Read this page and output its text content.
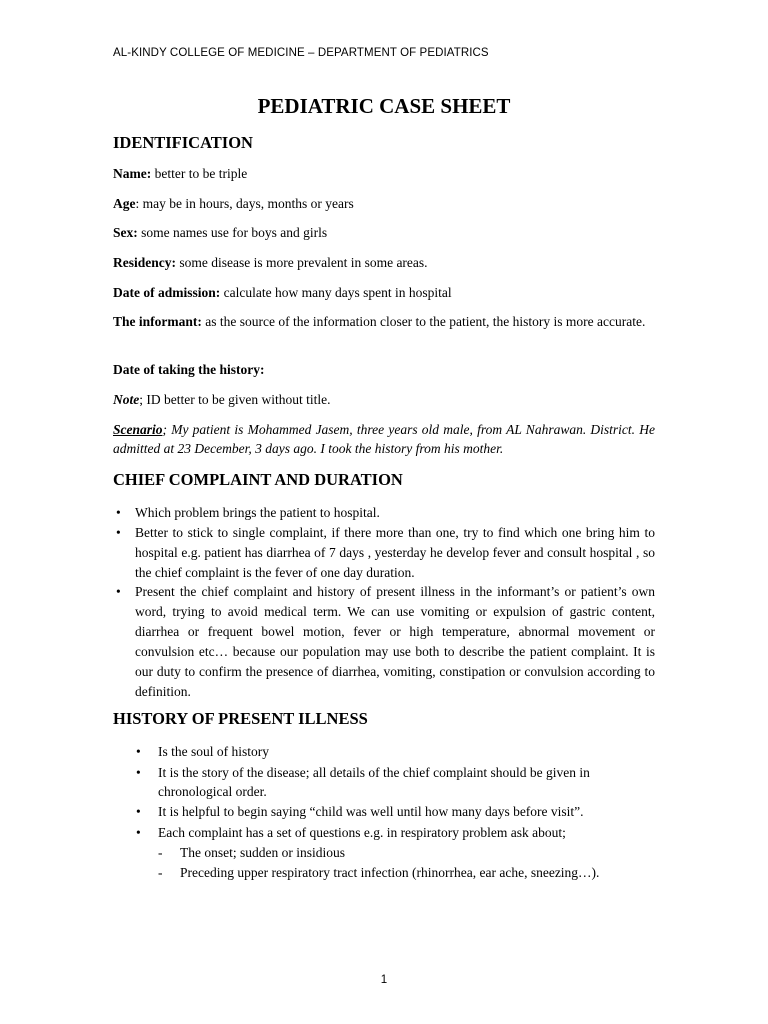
AL-KINDY COLLEGE OF MEDICINE – DEPARTMENT OF PEDIATRICS
PEDIATRIC CASE SHEET
IDENTIFICATION
Name: better to be triple
Age: may be in hours, days, months or years
Sex: some names use for boys and girls
Residency: some disease is more prevalent in some areas.
Date of admission: calculate how many days spent in hospital
The informant: as the source of the information closer to the patient, the history is more accurate.
Date of taking the history:
Note; ID better to be given without title.
Scenario; My patient is Mohammed Jasem, three years old male, from AL Nahrawan. District. He admitted at 23 December, 3 days ago. I took the history from his mother.
CHIEF COMPLAINT AND DURATION
• Which problem brings the patient to hospital.
• Better to stick to single complaint, if there more than one, try to find which one bring him to hospital e.g. patient has diarrhea of 7 days , yesterday he develop fever and consult hospital , so the chief complaint is the fever of one day duration.
• Present the chief complaint and history of present illness in the informant’s or patient’s own word, trying to avoid medical term. We can use vomiting or expulsion of gastric content, diarrhea or frequent bowel motion, fever or high temperature, abnormal movement or convulsion etc… because our population may use both to describe the patient complaint. It is our duty to confirm the presence of diarrhea, vomiting, constipation or convulsion according to definition.
HISTORY OF PRESENT ILLNESS
• Is the soul of history
• It is the story of the disease; all details of the chief complaint should be given in chronological order.
• It is helpful to begin saying “child was well until how many days before visit”.
• Each complaint has a set of questions e.g. in respiratory problem ask about;
- The onset; sudden or insidious
- Preceding upper respiratory tract infection (rhinorrhea, ear ache, sneezing…).
1
